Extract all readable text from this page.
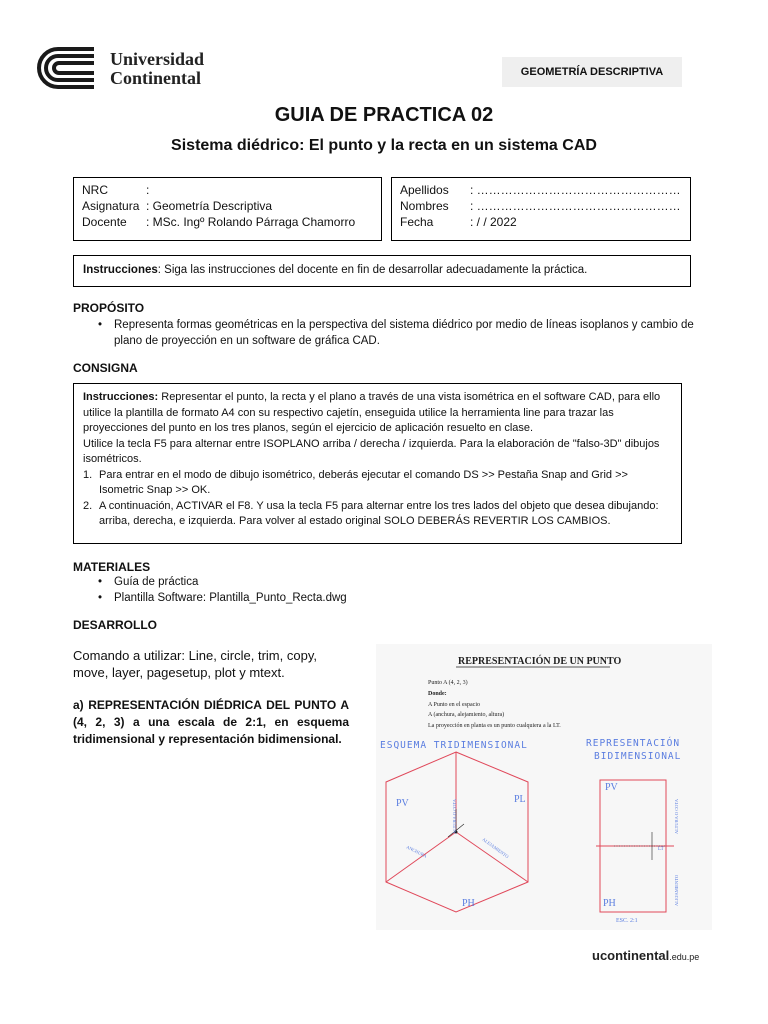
Universidad
Continental	GEOMETRÍA DESCRIPTIVA
GUIA DE PRACTICA 02
Sistema diédrico: El punto y la recta en un sistema CAD
NRC	:
Asignatura : Geometría Descriptiva
Docente	: MSc. Ingº Rolando Párraga Chamorro
Apellidos	: ……………………………………………
Nombres	: ……………………………………………
Fecha	: / / 2022
Instrucciones: Siga las instrucciones del docente en fin de desarrollar adecuadamente la práctica.
PROPÓSITO
•	Representa formas geométricas en la perspectiva del sistema diédrico por medio de líneas isoplanos y cambio de plano de proyección en un software de gráfica CAD.
CONSIGNA
Instrucciones: Representar el punto, la recta y el plano a través de una vista isométrica en el software CAD, para ello utilice la plantilla de formato A4 con su respectivo cajetín, enseguida utilice la herramienta line para trazar las proyecciones del punto en los tres planos, según el ejercicio de aplicación resuelto en clase.
Utilice la tecla F5 para alternar entre ISOPLANO arriba / derecha / izquierda. Para la elaboración de "falso-3D" dibujos isométricos.
1. Para entrar en el modo de dibujo isométrico, deberás ejecutar el comando DS >> Pestaña Snap and Grid >> Isometric Snap >> OK.
2. A continuación, ACTIVAR el F8. Y usa la tecla F5 para alternar entre los tres lados del objeto que desea dibujando: arriba, derecha, e izquierda. Para volver al estado original SOLO DEBERÁS REVERTIR LOS CAMBIOS.
MATERIALES
•	Guía de práctica
•	Plantilla Software: Plantilla_Punto_Recta.dwg
DESARROLLO
Comando a utilizar: Line, circle, trim, copy, move, layer, pagesetup, plot y mtext.
a) REPRESENTACIÓN DIÉDRICA DEL PUNTO A (4, 2, 3) a una escala de 2:1, en esquema tridimensional y representación bidimensional.
REPRESENTACIÓN DE UN PUNTO
Punto A (4, 2, 3)
Donde:
A Punto en el espacio
A (anchura, alejamiento, altura)
La proyección en planta es un punto cualquiera a la LT.
ESQUEMA TRIDIMENSIONAL
PV	PL
PH
ALTURA O COTA
ANCHURA	ALEJAMIENTO
REPRESENTACIÓN
BIDIMENSIONAL
PV
PH
LT
ALTURA O COTA
ALEJAMIENTO
ESC. 2:1
ucontinental.edu.pe
